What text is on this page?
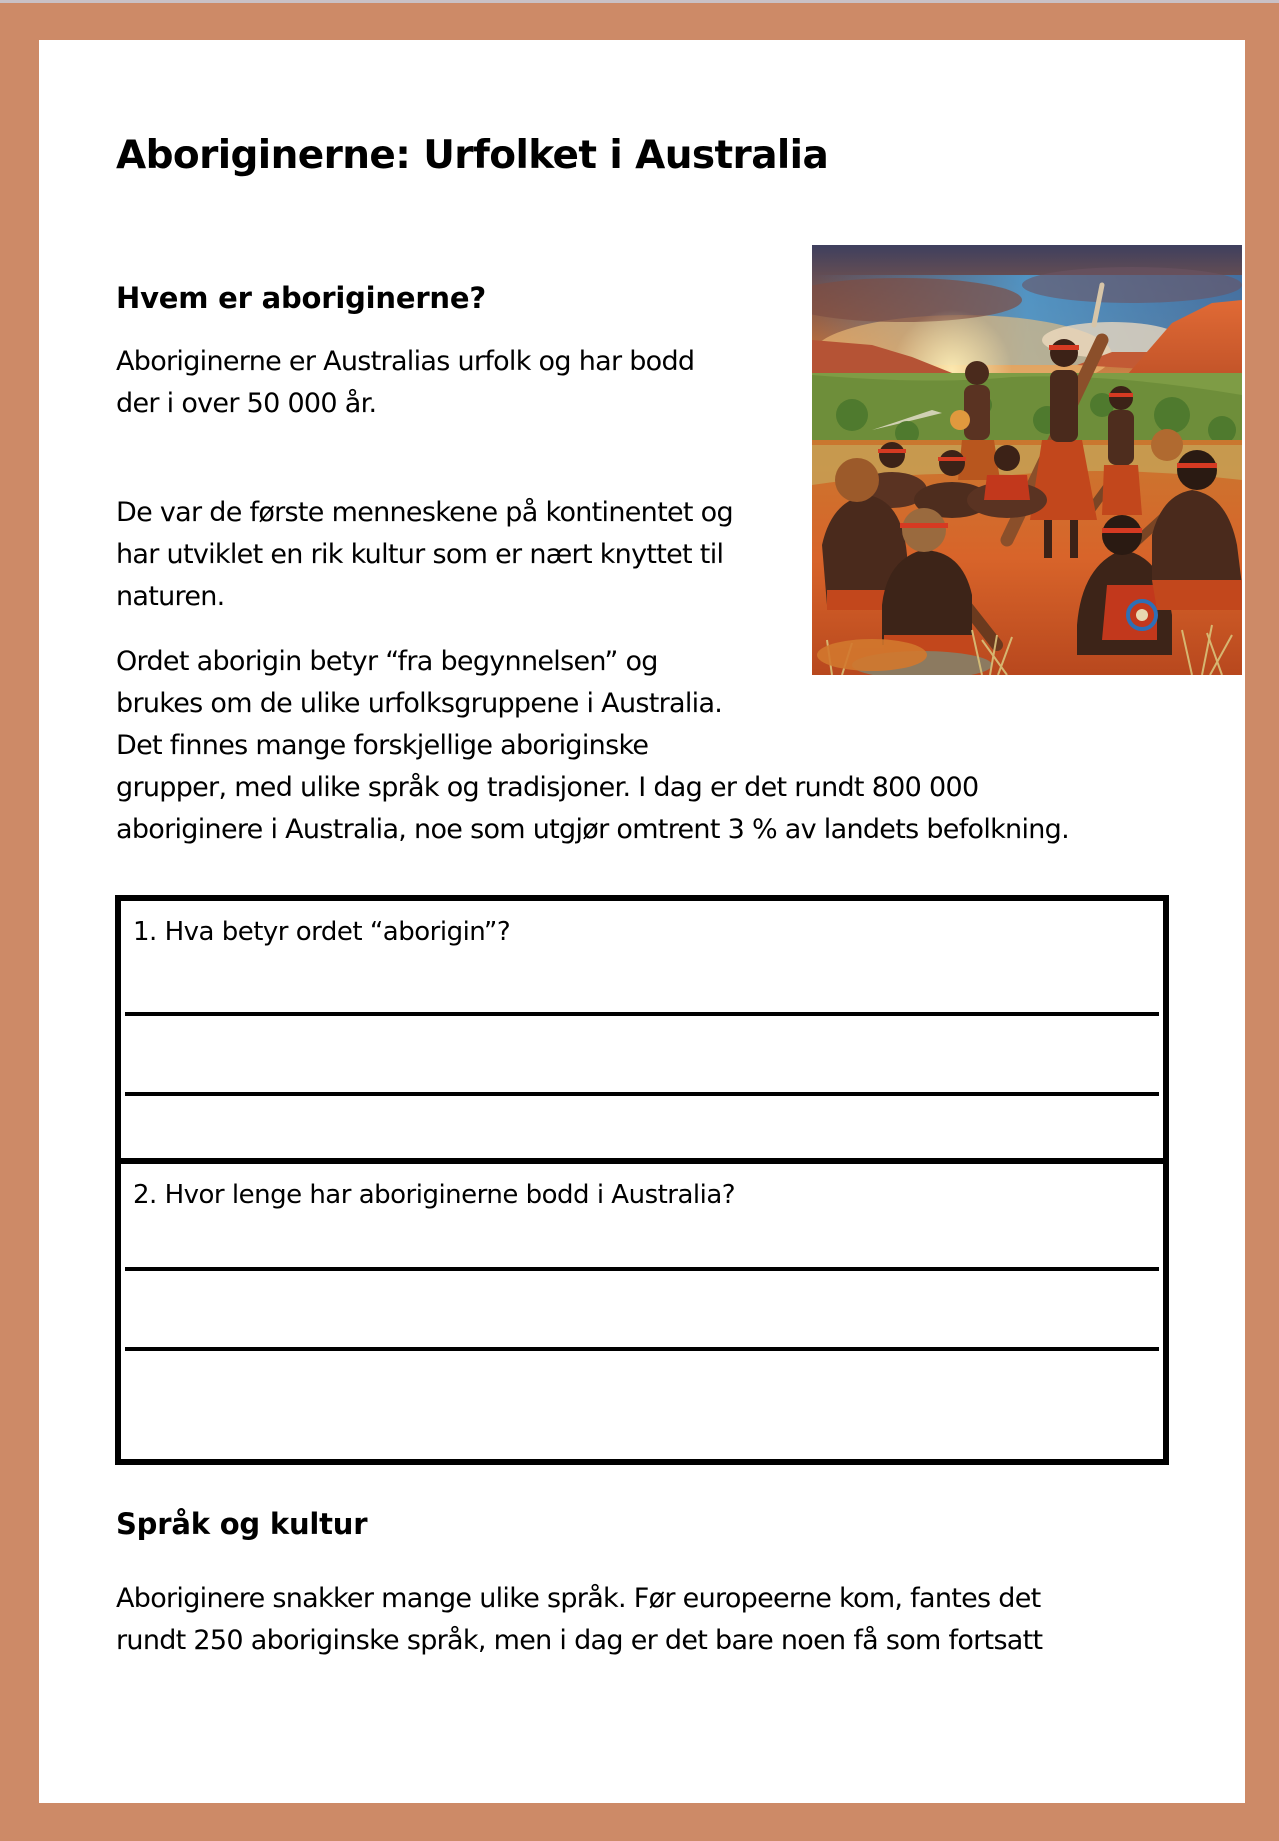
Aboriginerne: Urfolket i Australia
Hvem er aboriginerne?
Aboriginerne er Australias urfolk og har bodd
der i over 50 000 år.
De var de første menneskene på kontinentet og
har utviklet en rik kultur som er nært knyttet til
naturen.
Ordet aborigin betyr “fra begynnelsen” og
brukes om de ulike urfolksgruppene i Australia.
Det finnes mange forskjellige aboriginske
grupper, med ulike språk og tradisjoner. I dag er det rundt 800 000
aboriginere i Australia, noe som utgjør omtrent 3 % av landets befolkning.
1. Hva betyr ordet “aborigin”?
2. Hvor lenge har aboriginerne bodd i Australia?
Språk og kultur
Aboriginere snakker mange ulike språk. Før europeerne kom, fantes det
rundt 250 aboriginske språk, men i dag er det bare noen få som fortsatt
